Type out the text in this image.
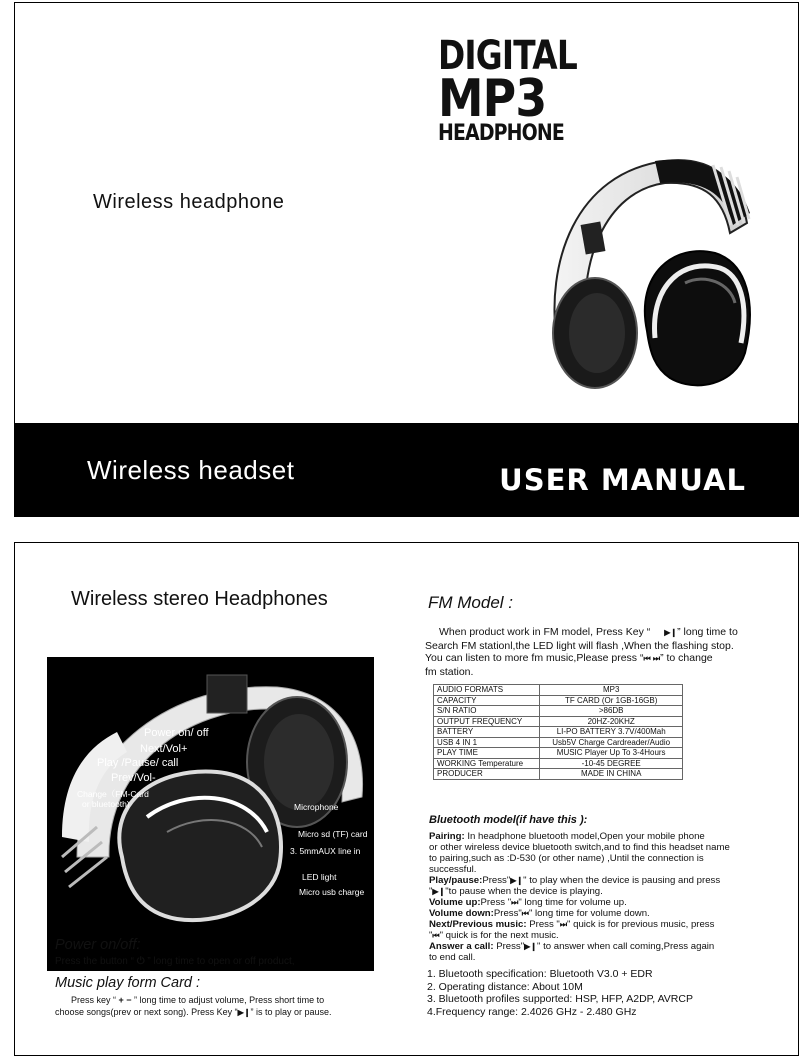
DIGITAL
MP3
HEADPHONE
Wireless headphone
Wireless headset	USER MANUAL
Wireless stereo Headphones
Power on/ off
Next/Vol+
Play /Pause/ call
Prev/Vol-
Change（FM-Card
or bluetooth)	Microphone
Micro sd (TF) card
3. 5mmAUX line in
LED light
Micro usb charge
Power on/off:
Press the button “ ⏻ ” long time to open or off product,
Music play form Card :

Press key “ + − ” long time to adjust volume, Press short time to

choose songs(prev or next song). Press Key “▶❙” is to play or pause.

FM Model :

When product work in FM model, Press Key “ ▶❙” long time to

Search FM stationl,the LED light will flash ,When the flashing stop.

You can listen to more fm music,Please press “⏮ ⏭” to change

fm station.

AUDIO FORMATS	MP3
CAPACITY	TF CARD (Or 1GB-16GB)
S/N RATIO	>86DB
OUTPUT FREQUENCY	20HZ-20KHZ
BATTERY	LI-PO BATTERY 3.7V/400Mah
USB 4 IN 1	Usb5V Charge Cardreader/Audio
PLAY TIME	MUSIC Player Up To 3-4Hours
WORKING Temperature	-10-45 DEGREE
PRODUCER	MADE IN CHINA
Bluetooth model(if have this ):

Pairing: In headphone bluetooth model,Open your mobile phone

or other wireless device bluetooth switch,and to find this headset name

to pairing,such as :D-530 (or other name) ,Until the connection is

successful.

Play/pause:Press"▶❙" to play when the device is pausing and press

"▶❙"to pause when the device is playing.

Volume up:Press "⏭" long time for volume up.

Volume down:Press"⏮" long time for volume down.

Next/Previous music: Press "⏭" quick is for previous music, press

"⏮" quick is for the next music.

Answer a call: Press"▶❙" to answer when call coming,Press again

to end call.

1. Bluetooth specification: Bluetooth V3.0 + EDR

2. Operating distance: About 10M

3. Bluetooth profiles supported: HSP, HFP, A2DP, AVRCP

4.Frequency range: 2.4026 GHz - 2.480 GHz
